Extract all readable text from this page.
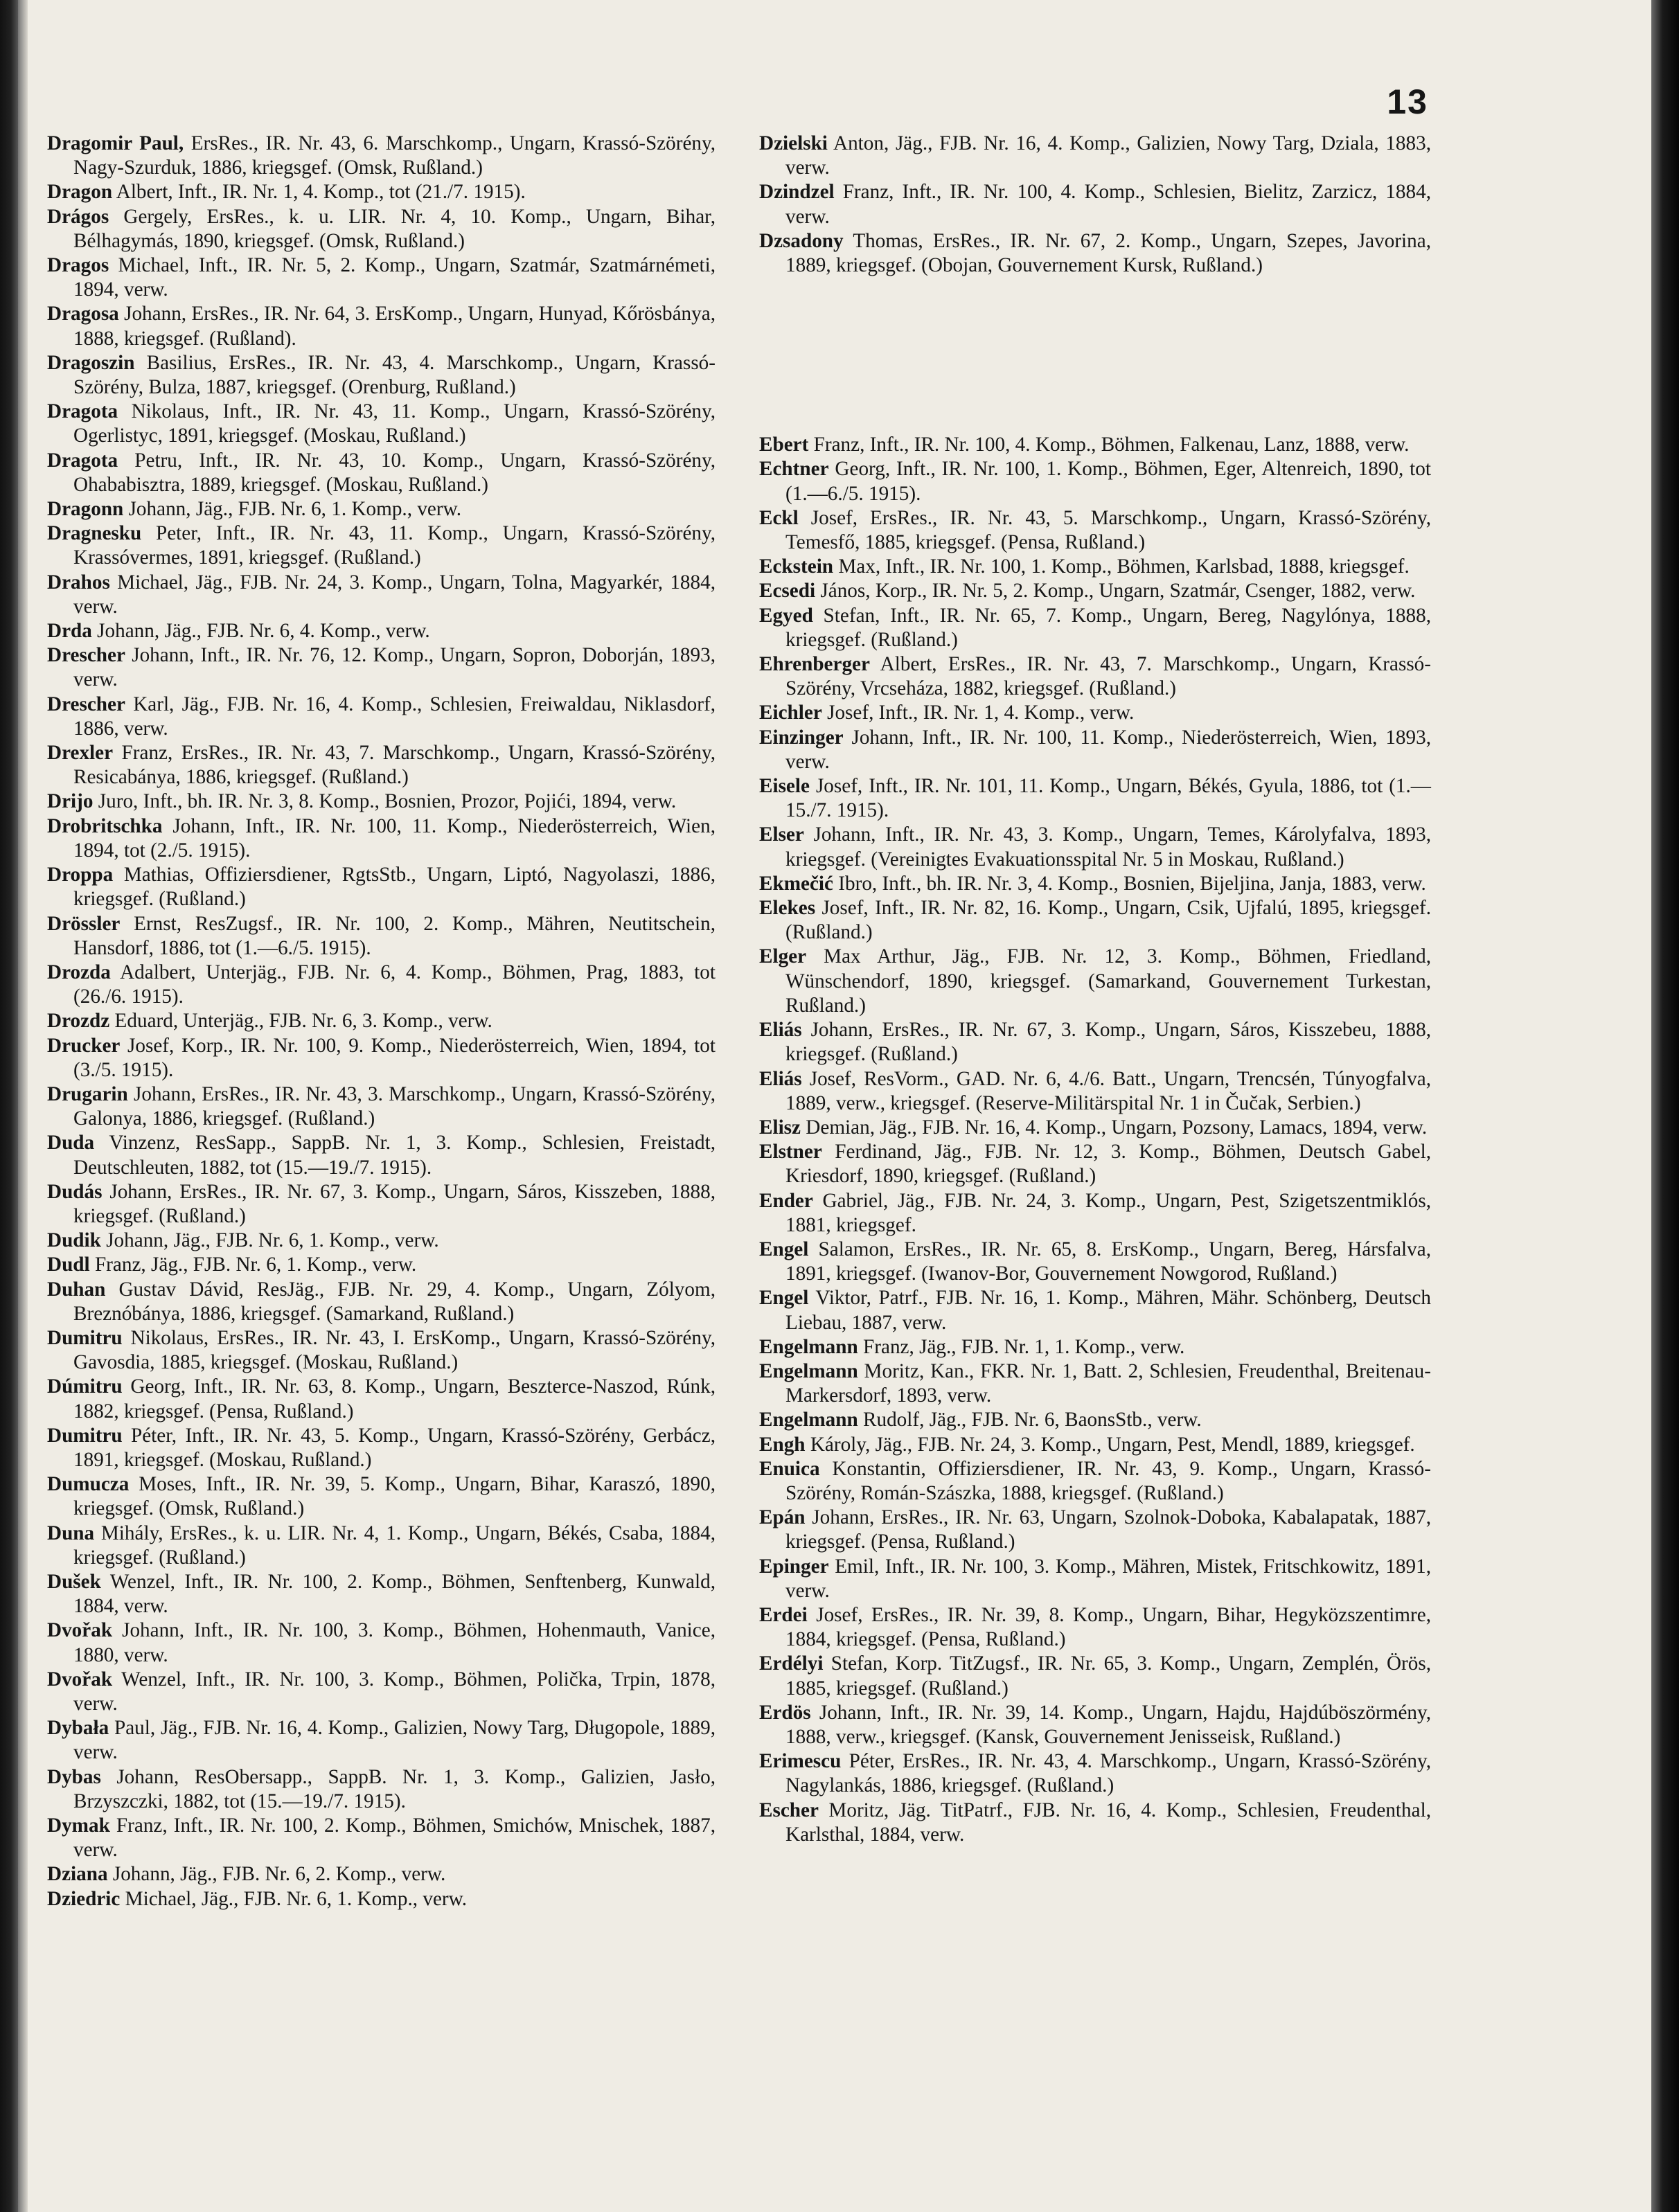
13

Dragomir Paul, ErsRes., IR. Nr. 43, 6. Marschkomp., Ungarn, Krassó-Szörény, Nagy-Szurduk, 1886, kriegsgef. (Omsk, Rußland.)

Dragon Albert, Inft., IR. Nr. 1, 4. Komp., tot (21./7. 1915).

Drágos Gergely, ErsRes., k. u. LIR. Nr. 4, 10. Komp., Ungarn, Bihar, Bélhagymás, 1890, kriegsgef. (Omsk, Rußland.)

Dragos Michael, Inft., IR. Nr. 5, 2. Komp., Ungarn, Szatmár, Szatmárnémeti, 1894, verw.

Dragosa Johann, ErsRes., IR. Nr. 64, 3. ErsKomp., Ungarn, Hunyad, Kőrösbánya, 1888, kriegsgef. (Rußland).

Dragoszin Basilius, ErsRes., IR. Nr. 43, 4. Marschkomp., Ungarn, Krassó-Szörény, Bulza, 1887, kriegsgef. (Orenburg, Rußland.)

Dragota Nikolaus, Inft., IR. Nr. 43, 11. Komp., Ungarn, Krassó-Szörény, Ogerlistyc, 1891, kriegsgef. (Moskau, Rußland.)

Dragota Petru, Inft., IR. Nr. 43, 10. Komp., Ungarn, Krassó-Szörény, Ohababisztra, 1889, kriegsgef. (Moskau, Rußland.)

Dragonn Johann, Jäg., FJB. Nr. 6, 1. Komp., verw.

Dragnesku Peter, Inft., IR. Nr. 43, 11. Komp., Ungarn, Krassó-Szörény, Krassóvermes, 1891, kriegsgef. (Rußland.)

Drahos Michael, Jäg., FJB. Nr. 24, 3. Komp., Ungarn, Tolna, Magyarkér, 1884, verw.

Drda Johann, Jäg., FJB. Nr. 6, 4. Komp., verw.

Drescher Johann, Inft., IR. Nr. 76, 12. Komp., Ungarn, Sopron, Doborján, 1893, verw.

Drescher Karl, Jäg., FJB. Nr. 16, 4. Komp., Schlesien, Freiwaldau, Niklasdorf, 1886, verw.

Drexler Franz, ErsRes., IR. Nr. 43, 7. Marschkomp., Ungarn, Krassó-Szörény, Resicabánya, 1886, kriegsgef. (Rußland.)

Drijo Juro, Inft., bh. IR. Nr. 3, 8. Komp., Bosnien, Prozor, Pojići, 1894, verw.

Drobritschka Johann, Inft., IR. Nr. 100, 11. Komp., Niederösterreich, Wien, 1894, tot (2./5. 1915).

Droppa Mathias, Offiziersdiener, RgtsStb., Ungarn, Liptó, Nagyolaszi, 1886, kriegsgef. (Rußland.)

Drössler Ernst, ResZugsf., IR. Nr. 100, 2. Komp., Mähren, Neutitschein, Hansdorf, 1886, tot (1.—6./5. 1915).

Drozda Adalbert, Unterjäg., FJB. Nr. 6, 4. Komp., Böhmen, Prag, 1883, tot (26./6. 1915).

Drozdz Eduard, Unterjäg., FJB. Nr. 6, 3. Komp., verw.

Drucker Josef, Korp., IR. Nr. 100, 9. Komp., Niederösterreich, Wien, 1894, tot (3./5. 1915).

Drugarin Johann, ErsRes., IR. Nr. 43, 3. Marschkomp., Ungarn, Krassó-Szörény, Galonya, 1886, kriegsgef. (Rußland.)

Duda Vinzenz, ResSapp., SappB. Nr. 1, 3. Komp., Schlesien, Freistadt, Deutschleuten, 1882, tot (15.—19./7. 1915).

Dudás Johann, ErsRes., IR. Nr. 67, 3. Komp., Ungarn, Sáros, Kisszeben, 1888, kriegsgef. (Rußland.)

Dudik Johann, Jäg., FJB. Nr. 6, 1. Komp., verw.

Dudl Franz, Jäg., FJB. Nr. 6, 1. Komp., verw.

Duhan Gustav Dávid, ResJäg., FJB. Nr. 29, 4. Komp., Ungarn, Zólyom, Breznóbánya, 1886, kriegsgef. (Samarkand, Rußland.)

Dumitru Nikolaus, ErsRes., IR. Nr. 43, I. ErsKomp., Ungarn, Krassó-Szörény, Gavosdia, 1885, kriegsgef. (Moskau, Rußland.)

Dúmitru Georg, Inft., IR. Nr. 63, 8. Komp., Ungarn, Beszterce-Naszod, Rúnk, 1882, kriegsgef. (Pensa, Rußland.)

Dumitru Péter, Inft., IR. Nr. 43, 5. Komp., Ungarn, Krassó-Szörény, Gerbácz, 1891, kriegsgef. (Moskau, Rußland.)

Dumucza Moses, Inft., IR. Nr. 39, 5. Komp., Ungarn, Bihar, Karaszó, 1890, kriegsgef. (Omsk, Rußland.)

Duna Mihály, ErsRes., k. u. LIR. Nr. 4, 1. Komp., Ungarn, Békés, Csaba, 1884, kriegsgef. (Rußland.)

Dušek Wenzel, Inft., IR. Nr. 100, 2. Komp., Böhmen, Senftenberg, Kunwald, 1884, verw.

Dvořak Johann, Inft., IR. Nr. 100, 3. Komp., Böhmen, Hohenmauth, Vanice, 1880, verw.

Dvořak Wenzel, Inft., IR. Nr. 100, 3. Komp., Böhmen, Polička, Trpin, 1878, verw.

Dybała Paul, Jäg., FJB. Nr. 16, 4. Komp., Galizien, Nowy Targ, Długopole, 1889, verw.

Dybas Johann, ResObersapp., SappB. Nr. 1, 3. Komp., Galizien, Jasło, Brzyszczki, 1882, tot (15.—19./7. 1915).

Dymak Franz, Inft., IR. Nr. 100, 2. Komp., Böhmen, Smichów, Mnischek, 1887, verw.

Dziana Johann, Jäg., FJB. Nr. 6, 2. Komp., verw.

Dziedric Michael, Jäg., FJB. Nr. 6, 1. Komp., verw.

Dzielski Anton, Jäg., FJB. Nr. 16, 4. Komp., Galizien, Nowy Targ, Dziala, 1883, verw.

Dzindzel Franz, Inft., IR. Nr. 100, 4. Komp., Schlesien, Bielitz, Zarzicz, 1884, verw.

Dzsadony Thomas, ErsRes., IR. Nr. 67, 2. Komp., Ungarn, Szepes, Javorina, 1889, kriegsgef. (Obojan, Gouvernement Kursk, Rußland.)

Ebert Franz, Inft., IR. Nr. 100, 4. Komp., Böhmen, Falkenau, Lanz, 1888, verw.

Echtner Georg, Inft., IR. Nr. 100, 1. Komp., Böhmen, Eger, Altenreich, 1890, tot (1.—6./5. 1915).

Eckl Josef, ErsRes., IR. Nr. 43, 5. Marschkomp., Ungarn, Krassó-Szörény, Temesfő, 1885, kriegsgef. (Pensa, Rußland.)

Eckstein Max, Inft., IR. Nr. 100, 1. Komp., Böhmen, Karlsbad, 1888, kriegsgef.

Ecsedi János, Korp., IR. Nr. 5, 2. Komp., Ungarn, Szatmár, Csenger, 1882, verw.

Egyed Stefan, Inft., IR. Nr. 65, 7. Komp., Ungarn, Bereg, Nagylónya, 1888, kriegsgef. (Rußland.)

Ehrenberger Albert, ErsRes., IR. Nr. 43, 7. Marschkomp., Ungarn, Krassó-Szörény, Vrcseháza, 1882, kriegsgef. (Rußland.)

Eichler Josef, Inft., IR. Nr. 1, 4. Komp., verw.

Einzinger Johann, Inft., IR. Nr. 100, 11. Komp., Niederösterreich, Wien, 1893, verw.

Eisele Josef, Inft., IR. Nr. 101, 11. Komp., Ungarn, Békés, Gyula, 1886, tot (1.—15./7. 1915).

Elser Johann, Inft., IR. Nr. 43, 3. Komp., Ungarn, Temes, Károlyfalva, 1893, kriegsgef. (Vereinigtes Evakuationsspital Nr. 5 in Moskau, Rußland.)

Ekmečić Ibro, Inft., bh. IR. Nr. 3, 4. Komp., Bosnien, Bijeljina, Janja, 1883, verw.

Elekes Josef, Inft., IR. Nr. 82, 16. Komp., Ungarn, Csik, Ujfalú, 1895, kriegsgef. (Rußland.)

Elger Max Arthur, Jäg., FJB. Nr. 12, 3. Komp., Böhmen, Friedland, Wünschendorf, 1890, kriegsgef. (Samarkand, Gouvernement Turkestan, Rußland.)

Eliás Johann, ErsRes., IR. Nr. 67, 3. Komp., Ungarn, Sáros, Kisszebeu, 1888, kriegsgef. (Rußland.)

Eliás Josef, ResVorm., GAD. Nr. 6, 4./6. Batt., Ungarn, Trencsén, Túnyogfalva, 1889, verw., kriegsgef. (Reserve-Militärspital Nr. 1 in Čučak, Serbien.)

Elisz Demian, Jäg., FJB. Nr. 16, 4. Komp., Ungarn, Pozsony, Lamacs, 1894, verw.

Elstner Ferdinand, Jäg., FJB. Nr. 12, 3. Komp., Böhmen, Deutsch Gabel, Kriesdorf, 1890, kriegsgef. (Rußland.)

Ender Gabriel, Jäg., FJB. Nr. 24, 3. Komp., Ungarn, Pest, Szigetszentmiklós, 1881, kriegsgef.

Engel Salamon, ErsRes., IR. Nr. 65, 8. ErsKomp., Ungarn, Bereg, Hársfalva, 1891, kriegsgef. (Iwanov-Bor, Gouvernement Nowgorod, Rußland.)

Engel Viktor, Patrf., FJB. Nr. 16, 1. Komp., Mähren, Mähr. Schönberg, Deutsch Liebau, 1887, verw.

Engelmann Franz, Jäg., FJB. Nr. 1, 1. Komp., verw.

Engelmann Moritz, Kan., FKR. Nr. 1, Batt. 2, Schlesien, Freudenthal, Breitenau-Markersdorf, 1893, verw.

Engelmann Rudolf, Jäg., FJB. Nr. 6, BaonsStb., verw.

Engh Károly, Jäg., FJB. Nr. 24, 3. Komp., Ungarn, Pest, Mendl, 1889, kriegsgef.

Enuica Konstantin, Offiziersdiener, IR. Nr. 43, 9. Komp., Ungarn, Krassó-Szörény, Román-Szászka, 1888, kriegsgef. (Rußland.)

Epán Johann, ErsRes., IR. Nr. 63, Ungarn, Szolnok-Doboka, Kabalapatak, 1887, kriegsgef. (Pensa, Rußland.)

Epinger Emil, Inft., IR. Nr. 100, 3. Komp., Mähren, Mistek, Fritschkowitz, 1891, verw.

Erdei Josef, ErsRes., IR. Nr. 39, 8. Komp., Ungarn, Bihar, Hegyközszentimre, 1884, kriegsgef. (Pensa, Rußland.)

Erdélyi Stefan, Korp. TitZugsf., IR. Nr. 65, 3. Komp., Ungarn, Zemplén, Örös, 1885, kriegsgef. (Rußland.)

Erdös Johann, Inft., IR. Nr. 39, 14. Komp., Ungarn, Hajdu, Hajdúböszörmény, 1888, verw., kriegsgef. (Kansk, Gouvernement Jenisseisk, Rußland.)

Erimescu Péter, ErsRes., IR. Nr. 43, 4. Marschkomp., Ungarn, Krassó-Szörény, Nagylankás, 1886, kriegsgef. (Rußland.)

Escher Moritz, Jäg. TitPatrf., FJB. Nr. 16, 4. Komp., Schlesien, Freudenthal, Karlsthal, 1884, verw.
